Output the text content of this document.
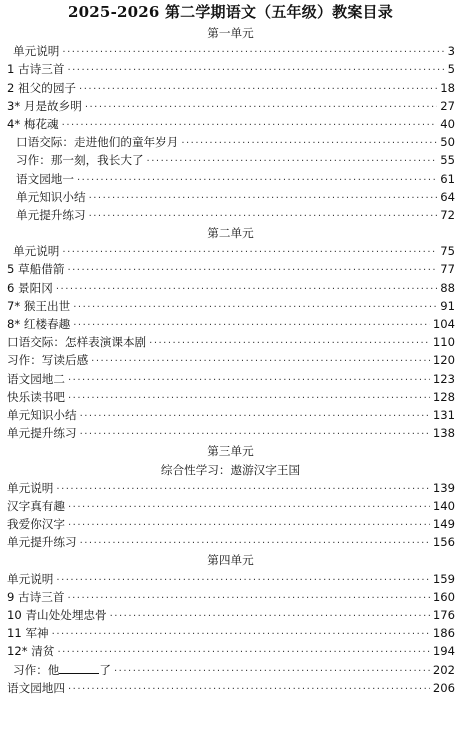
2025-2026 第二学期语文（五年级）教案目录
第一单元
单元说明 ·····	3
1 古诗三首 ·····	5
2 祖父的园子 ·····	18
3* 月是故乡明 ·····	27
4* 梅花魂 ·····	40
口语交际：走进他们的童年岁月 ·····	50
习作：那一刻，我长大了 ·····	55
语文园地一 ·····	61
单元知识小结 ·····	64
单元提升练习 ·····	72
第二单元
单元说明 ·····	75
5 草船借箭 ·····	77
6 景阳冈 ·····	88
7* 猴王出世 ·····	91
8* 红楼春趣 ·····	104
口语交际：怎样表演课本剧 ·····	110
习作：写读后感 ·····	120
语文园地二 ·····	123
快乐读书吧 ·····	128
单元知识小结 ·····	131
单元提升练习 ·····	138
第三单元
综合性学习：遨游汉字王国
单元说明 ·····	139
汉字真有趣 ·····	140
我爱你汉字 ·····	149
单元提升练习 ·····	156
第四单元
单元说明 ·····	159
9 古诗三首 ·····	160
10 青山处处埋忠骨 ·····	176
11 军神 ·····	186
12* 清贫 ·····	194
习作：他	了 ·····	202
语文园地四 ·····	206
